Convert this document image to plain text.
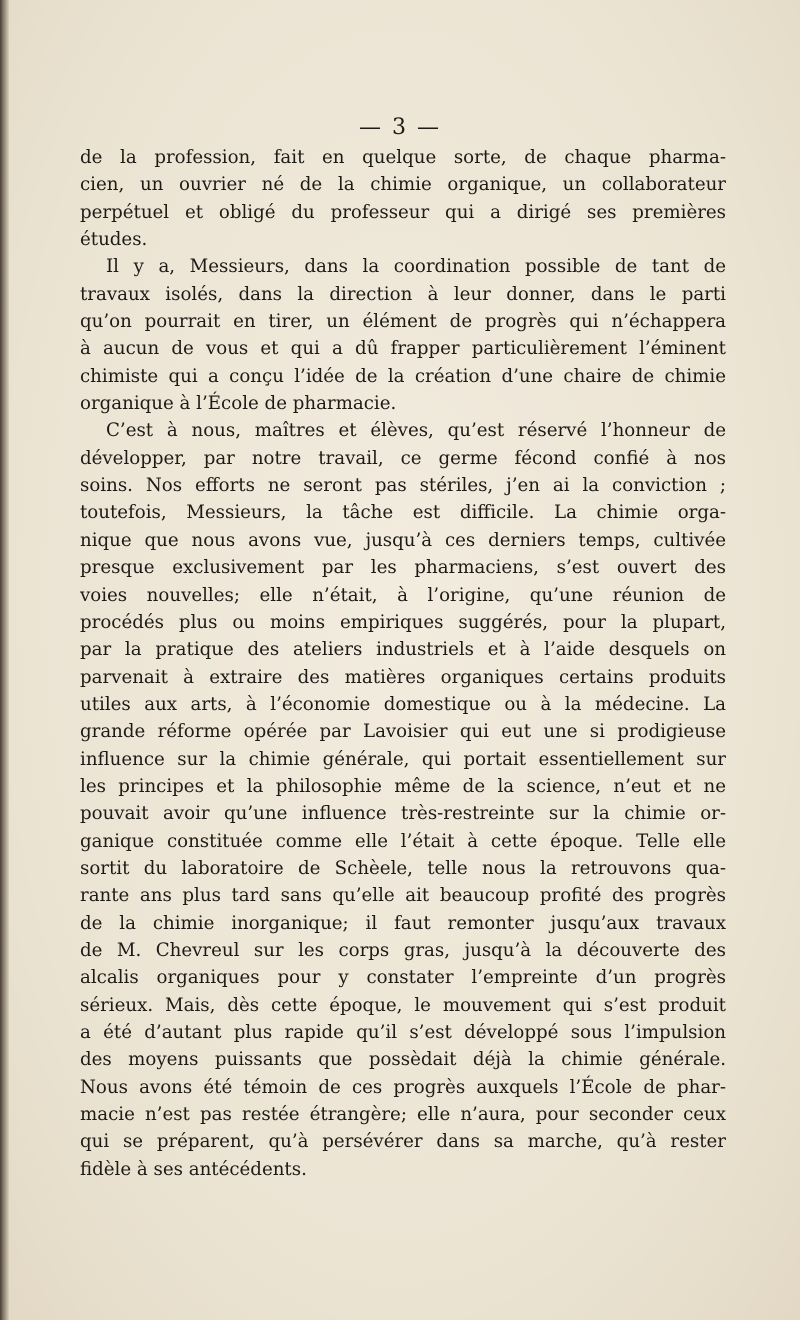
— 3 —
de la profession, fait en quelque sorte, de chaque pharma-
cien, un ouvrier né de la chimie organique, un collaborateur
perpétuel et obligé du professeur qui a dirigé ses premières
études.
Il y a, Messieurs, dans la coordination possible de tant de
travaux isolés, dans la direction à leur donner, dans le parti
qu’on pourrait en tirer, un élément de progrès qui n’échappera
à aucun de vous et qui a dû frapper particulièrement l’éminent
chimiste qui a conçu l’idée de la création d’une chaire de chimie
organique à l’École de pharmacie.
C’est à nous, maîtres et élèves, qu’est réservé l’honneur de
développer, par notre travail, ce germe fécond confié à nos
soins. Nos efforts ne seront pas stériles, j’en ai la conviction ;
toutefois, Messieurs, la tâche est difficile. La chimie orga-
nique que nous avons vue, jusqu’à ces derniers temps, cultivée
presque exclusivement par les pharmaciens, s’est ouvert des
voies nouvelles; elle n’était, à l’origine, qu’une réunion de
procédés plus ou moins empiriques suggérés, pour la plupart,
par la pratique des ateliers industriels et à l’aide desquels on
parvenait à extraire des matières organiques certains produits
utiles aux arts, à l’économie domestique ou à la médecine. La
grande réforme opérée par Lavoisier qui eut une si prodigieuse
influence sur la chimie générale, qui portait essentiellement sur
les principes et la philosophie même de la science, n’eut et ne
pouvait avoir qu’une influence très-restreinte sur la chimie or-
ganique constituée comme elle l’était à cette époque. Telle elle
sortit du laboratoire de Schèele, telle nous la retrouvons qua-
rante ans plus tard sans qu’elle ait beaucoup profité des progrès
de la chimie inorganique; il faut remonter jusqu’aux travaux
de M. Chevreul sur les corps gras, jusqu’à la découverte des
alcalis organiques pour y constater l’empreinte d’un progrès
sérieux. Mais, dès cette époque, le mouvement qui s’est produit
a été d’autant plus rapide qu’il s’est développé sous l’impulsion
des moyens puissants que possèdait déjà la chimie générale.
Nous avons été témoin de ces progrès auxquels l’École de phar-
macie n’est pas restée étrangère; elle n’aura, pour seconder ceux
qui se préparent, qu’à persévérer dans sa marche, qu’à rester
fidèle à ses antécédents.
